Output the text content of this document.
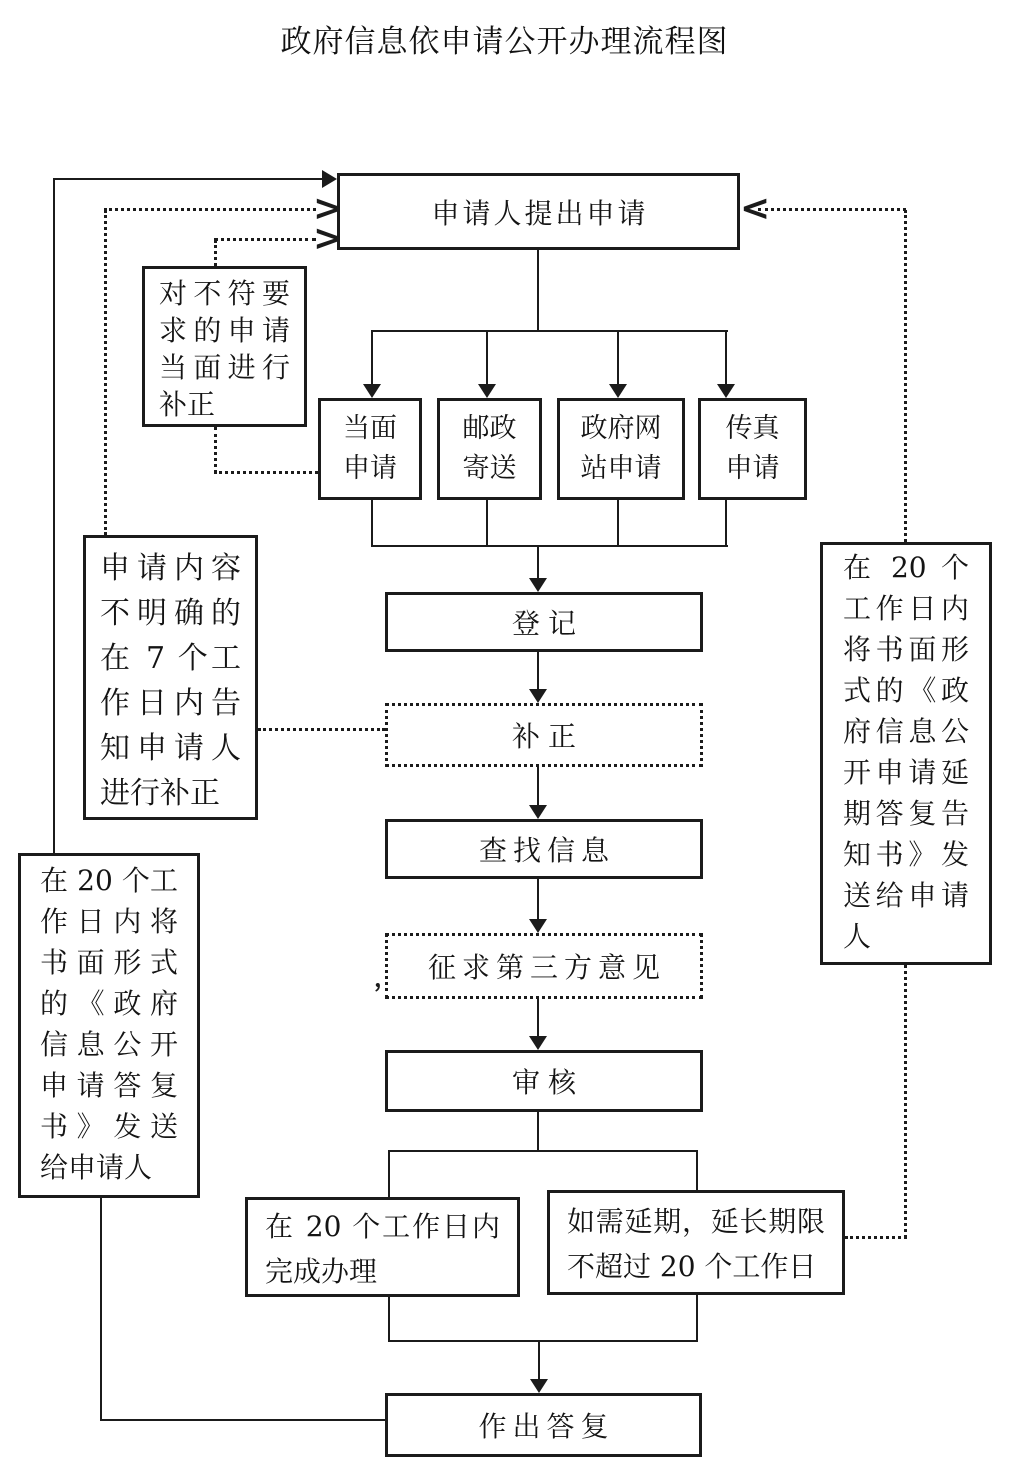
政府信息依申请公开办理流程图
申请人提出申请
对不符要求的申请当面进行补正
当面申请
邮政寄送
政府网站申请
传真申请
申请内容不明确的在 7 个工作日内告知申请人进行补正
在 20 个工作日内将书面形式的《政府信息公开申请答复书》发送给申请人
在 20 个工作日内将书面形式的《政府信息公开申请延期答复告知书》发送给申请人
登记
补正
查找信息
征求第三方意见
审核
在 20 个工作日内完成办理
如需延期，延长期限不超过 20 个工作日
作出答复
>
>
<
，
